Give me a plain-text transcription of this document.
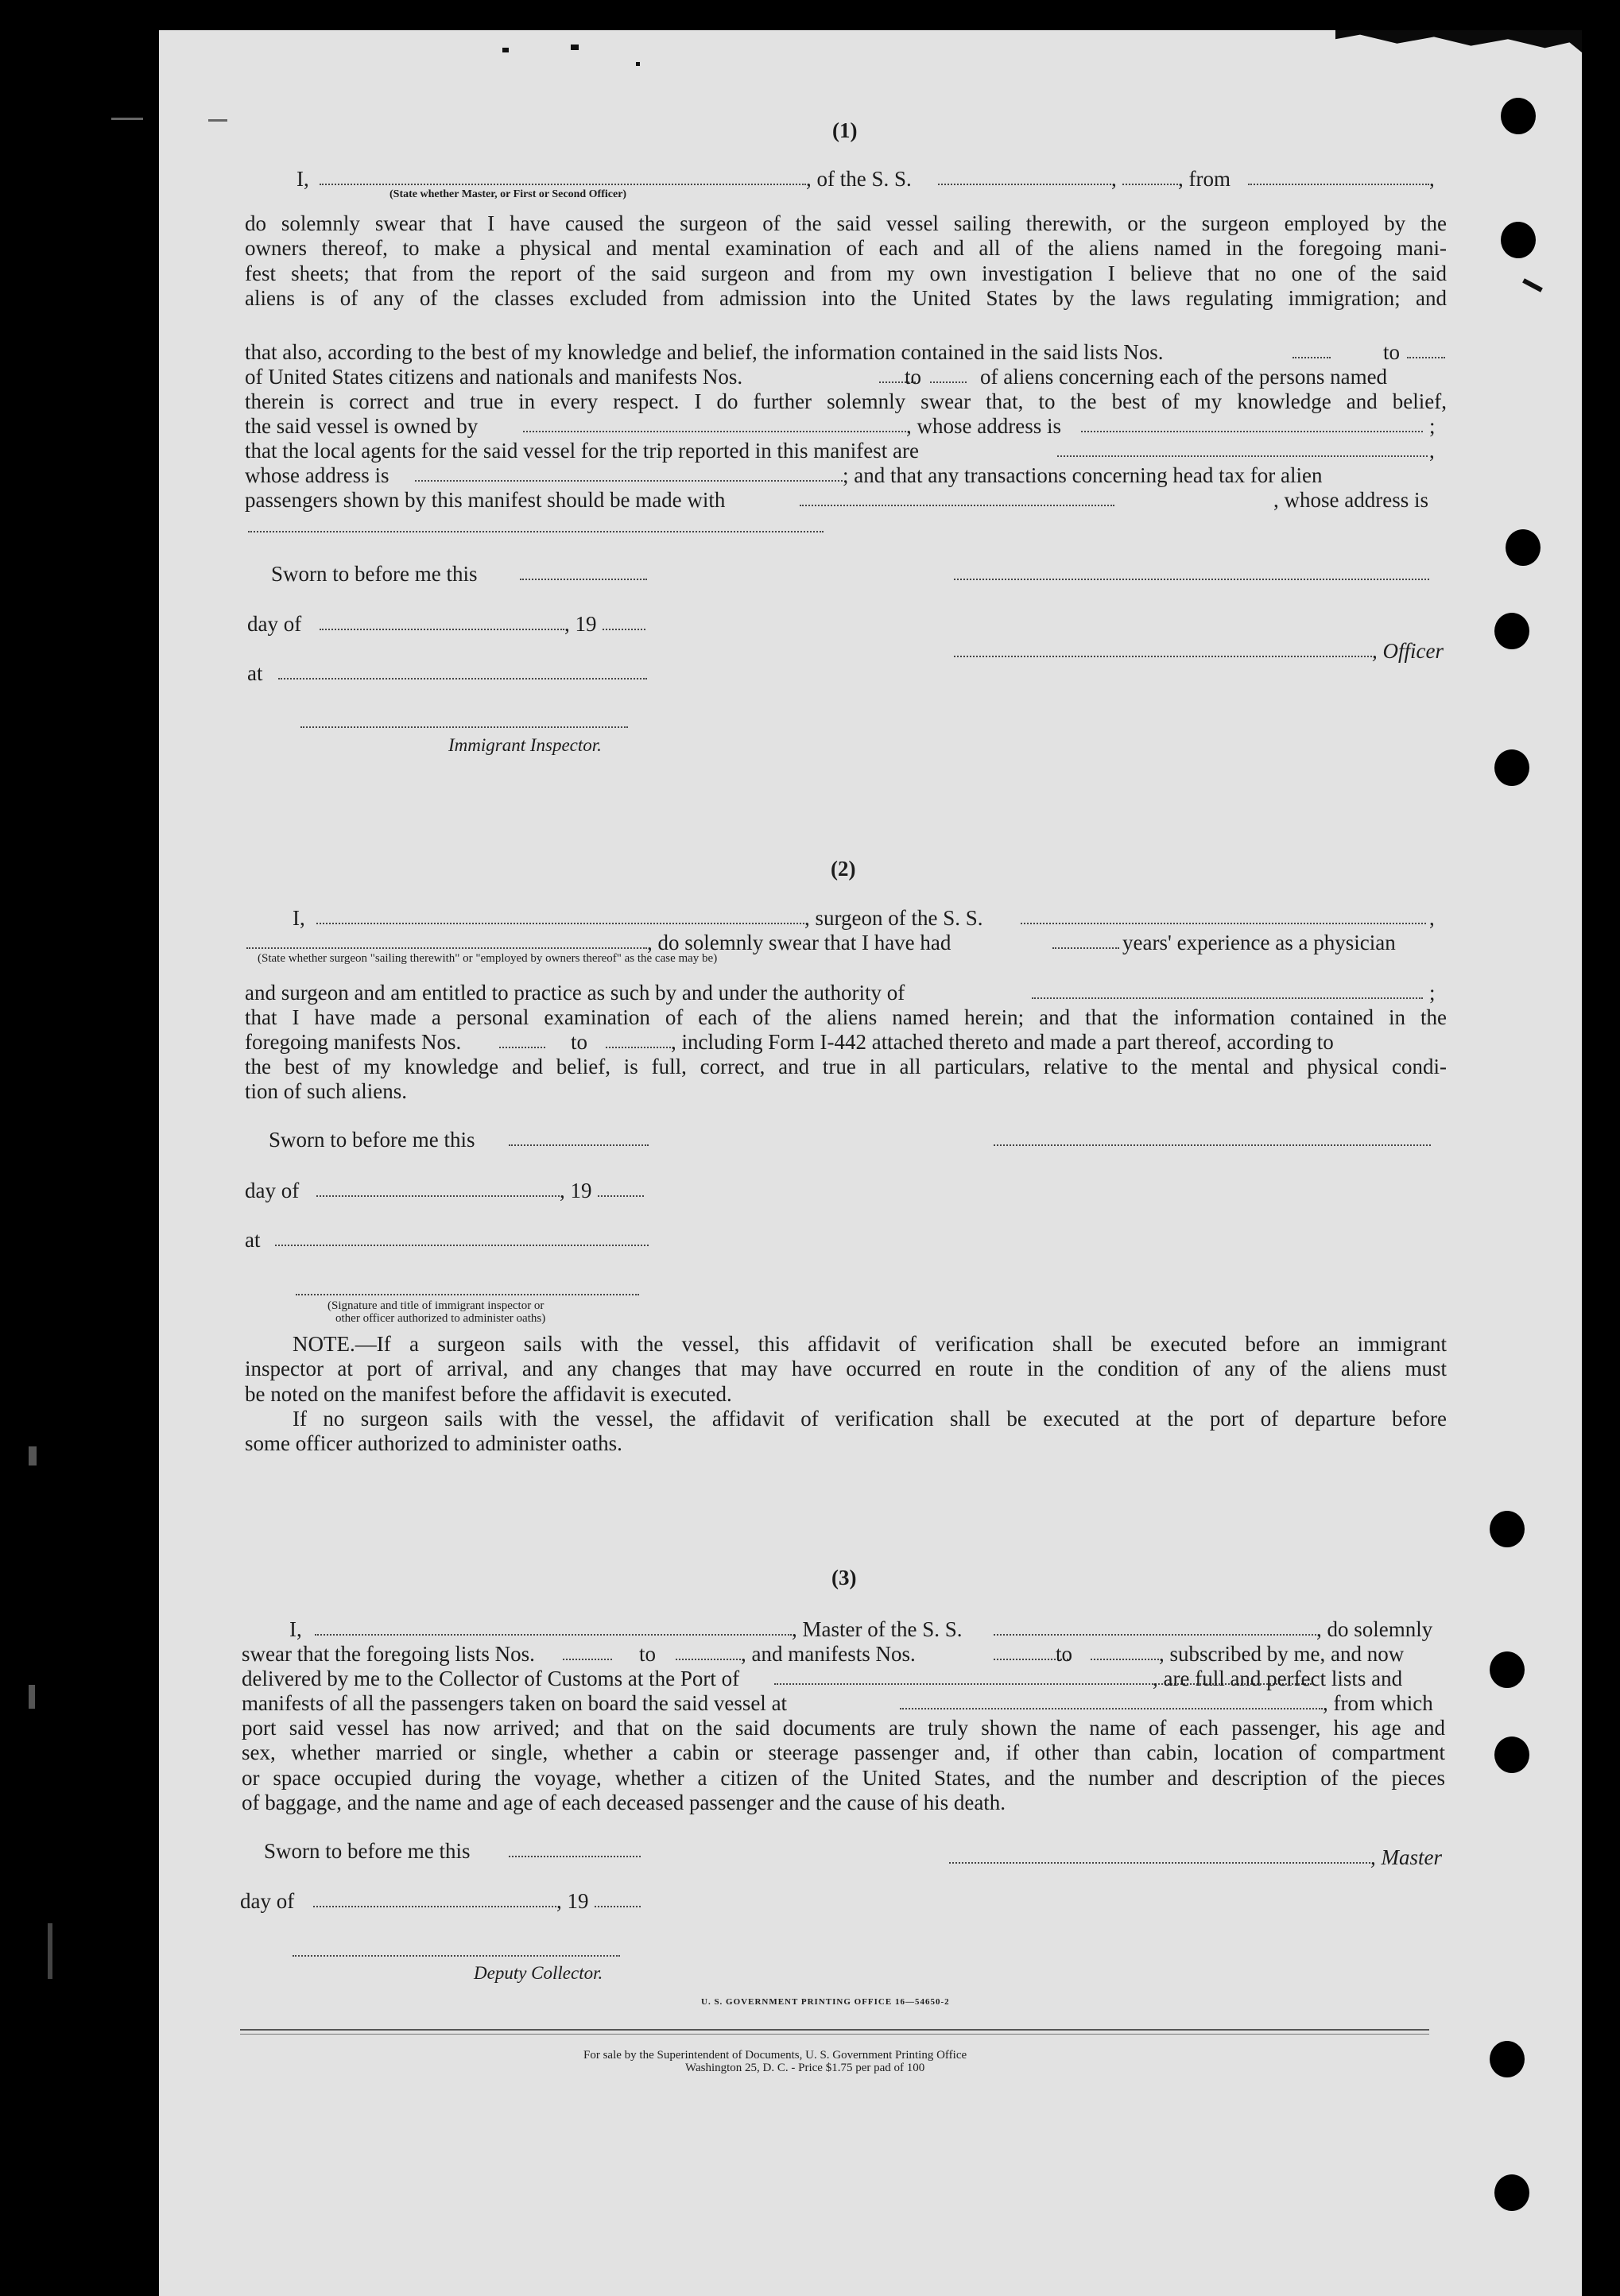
(1)
I,	, of the S. S.	,	, from	,
(State whether Master, or First or Second Officer)
do solemnly swear that I have caused the surgeon of the said vessel sailing therewith, or the surgeon employed by the
owners thereof, to make a physical and mental examination of each and all of the aliens named in the foregoing mani-
fest sheets; that from the report of the said surgeon and from my own investigation I believe that no one of the said
aliens is of any of the classes excluded from admission into the United States by the laws regulating immigration; and
that also, according to the best of my knowledge and belief, the information contained in the said lists Nos.	to
of United States citizens and nationals and manifests Nos.	to	of aliens concerning each of the persons named
therein is correct and true in every respect. I do further solemnly swear that, to the best of my knowledge and belief,
the said vessel is owned by	, whose address is	;
that the local agents for the said vessel for the trip reported in this manifest are	,
whose address is	; and that any transactions concerning head tax for alien
passengers shown by this manifest should be made with	, whose address is
Sworn to before me this
day of	, 19
at
, Officer
Immigrant Inspector.
(2)
I,	, surgeon of the S. S.	,
, do solemnly swear that I have had	years' experience as a physician
(State whether surgeon "sailing therewith" or "employed by owners thereof" as the case may be)
and surgeon and am entitled to practice as such by and under the authority of	;
that I have made a personal examination of each of the aliens named herein; and that the information contained in the
foregoing manifests Nos.	to	, including Form I-442 attached thereto and made a part thereof, according to
the best of my knowledge and belief, is full, correct, and true in all particulars, relative to the mental and physical condi-
tion of such aliens.
Sworn to before me this
day of	, 19
at
(Signature and title of immigrant inspector or
other officer authorized to administer oaths)
NOTE.—If a surgeon sails with the vessel, this affidavit of verification shall be executed before an immigrant
inspector at port of arrival, and any changes that may have occurred en route in the condition of any of the aliens must
be noted on the manifest before the affidavit is executed.
If no surgeon sails with the vessel, the affidavit of verification shall be executed at the port of departure before
some officer authorized to administer oaths.
(3)
I,	, Master of the S. S.	, do solemnly
swear that the foregoing lists Nos.	to	, and manifests Nos.	to	, subscribed by me, and now
delivered by me to the Collector of Customs at the Port of	, are full and perfect lists and
manifests of all the passengers taken on board the said vessel at	, from which
port said vessel has now arrived; and that on the said documents are truly shown the name of each passenger, his age and
sex, whether married or single, whether a cabin or steerage passenger and, if other than cabin, location of compartment
or space occupied during the voyage, whether a citizen of the United States, and the number and description of the pieces
of baggage, and the name and age of each deceased passenger and the cause of his death.
Sworn to before me this	, Master
day of	, 19
Deputy Collector.
U. S. GOVERNMENT PRINTING OFFICE 16—54650-2
For sale by the Superintendent of Documents, U. S. Government Printing Office
Washington 25, D. C. - Price $1.75 per pad of 100
